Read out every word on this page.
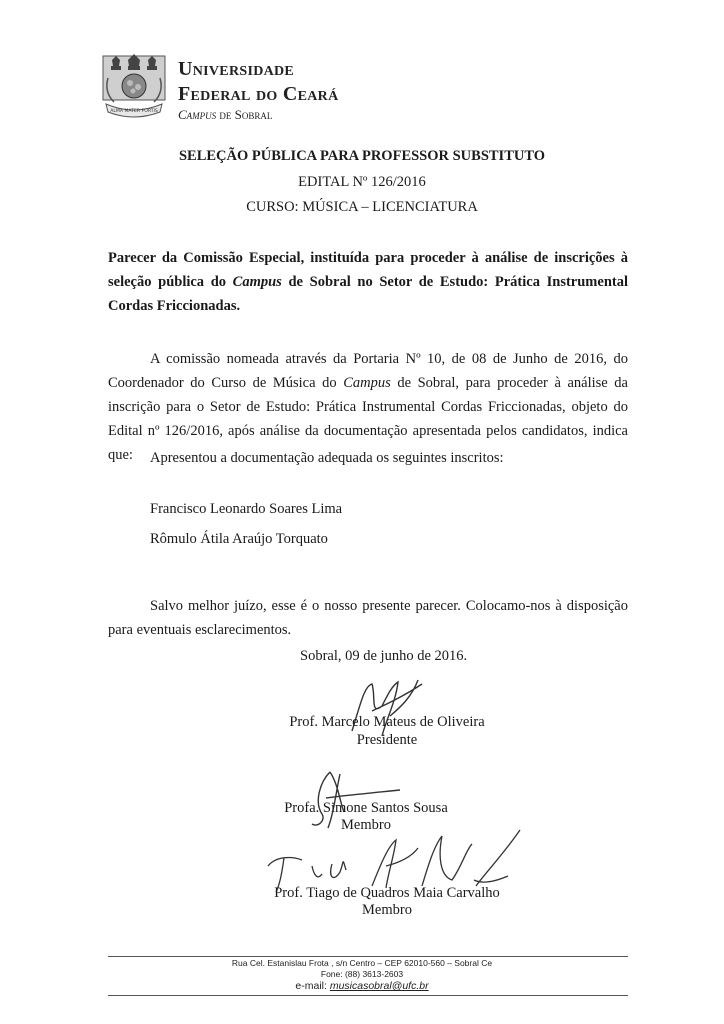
ALMA MATER FORTIS
Universidade
Federal do Ceará
Campus de Sobral
SELEÇÃO PÚBLICA PARA PROFESSOR SUBSTITUTO
EDITAL Nº 126/2016
CURSO: MÚSICA – LICENCIATURA
Parecer da Comissão Especial, instituída para proceder à análise de inscrições à seleção pública do Campus de Sobral no Setor de Estudo: Prática Instrumental Cordas Friccionadas.
A comissão nomeada através da Portaria Nº 10, de 08 de Junho de 2016, do Coordenador do Curso de Música do Campus de Sobral, para proceder à análise da inscrição para o Setor de Estudo: Prática Instrumental Cordas Friccionadas, objeto do Edital nº 126/2016, após análise da documentação apresentada pelos candidatos, indica que:	Apresentou a documentação adequada os seguintes inscritos:
Francisco Leonardo Soares Lima
Rômulo Átila Araújo Torquato
Salvo melhor juízo, esse é o nosso presente parecer. Colocamo-nos à disposição para eventuais esclarecimentos.
Sobral, 09 de junho de 2016.
Prof. Marcelo Mateus de Oliveira
Presidente
Profa. Simone Santos Sousa
Membro
Prof. Tiago de Quadros Maia Carvalho
Membro
Rua Cel. Estanislau Frota , s/n Centro – CEP 62010-560 – Sobral Ce
Fone: (88) 3613-2603
e-mail: musicasobral@ufc.br
